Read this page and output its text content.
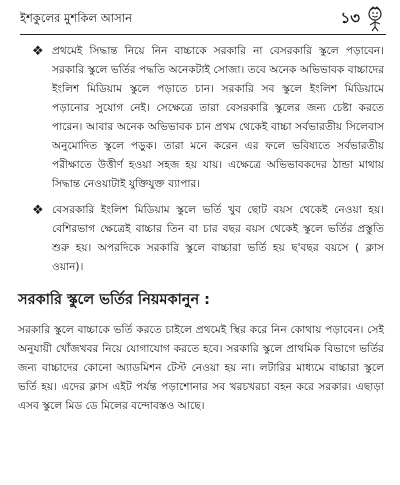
ইশকুলের মুশকিল আসান	১৩
❖ প্রথমেই সিদ্ধান্ত নিয়ে নিন বাচ্চাকে সরকারি না বেসরকারি স্কুলে পড়াবেন। সরকারি স্কুলে ভর্তির পদ্ধতি অনেকটাই সোজা। তবে অনেক অভিভাবক বাচ্চাদের ইংলিশ মিডিয়াম স্কুলে পড়াতে চান। সরকারি সব স্কুলে ইংলিশ মিডিয়ামে পড়ানোর সুযোগ নেই। সেক্ষেত্রে তারা বেসরকারি স্কুলের জন্য চেষ্টা করতে পারেন। আবার অনেক অভিভাবক চান প্রথম থেকেই বাচ্চা সর্বভারতীয় সিলেবাস অনুমোদিত স্কুলে পড়ুক। তারা মনে করেন এর ফলে ভবিষ্যতে সর্বভারতীয় পরীক্ষাতে উত্তীর্ণ হওয়া সহজ হয় যায়। এক্ষেত্রে অভিভাবকদের ঠান্ডা মাথায় সিদ্ধান্ত নেওয়াটাই যুক্তিযুক্ত ব্যাপার।
❖ বেসরকারি ইংলিশ মিডিয়াম স্কুলে ভর্তি খুব ছোট বয়স থেকেই নেওয়া হয়। বেশিরভাগ ক্ষেত্রেই বাচ্চার তিন বা চার বছর বয়স থেকেই স্কুলে ভর্তির প্রস্তুতি শুরু হয়। অপরদিকে সরকারি স্কুলে বাচ্চারা ভর্তি হয় ছ'বছর বয়সে ( ক্লাস ওয়ান)।
সরকারি স্কুলে ভর্তির নিয়মকানুন :
সরকারি স্কুলে বাচ্চাকে ভর্তি করতে চাইলে প্রথমেই স্থির করে নিন কোথায় পড়াবেন। সেই অনুযায়ী খোঁজখবর নিয়ে যোগাযোগ করতে হবে। সরকারি স্কুলে প্রাথমিক বিভাগে ভর্তির জন্য বাচ্চাদের কোনো অ্যাডমিশন টেস্ট নেওয়া হয় না। লটারির মাধ্যমে বাচ্চারা স্কুলে ভর্তি হয়। এদের ক্লাস এইট পর্যন্ত পড়াশোনার সব খরচখরচা বহন করে সরকার। এছাড়া এসব স্কুলে মিড ডে মিলের বন্দোবস্তও আছে।
